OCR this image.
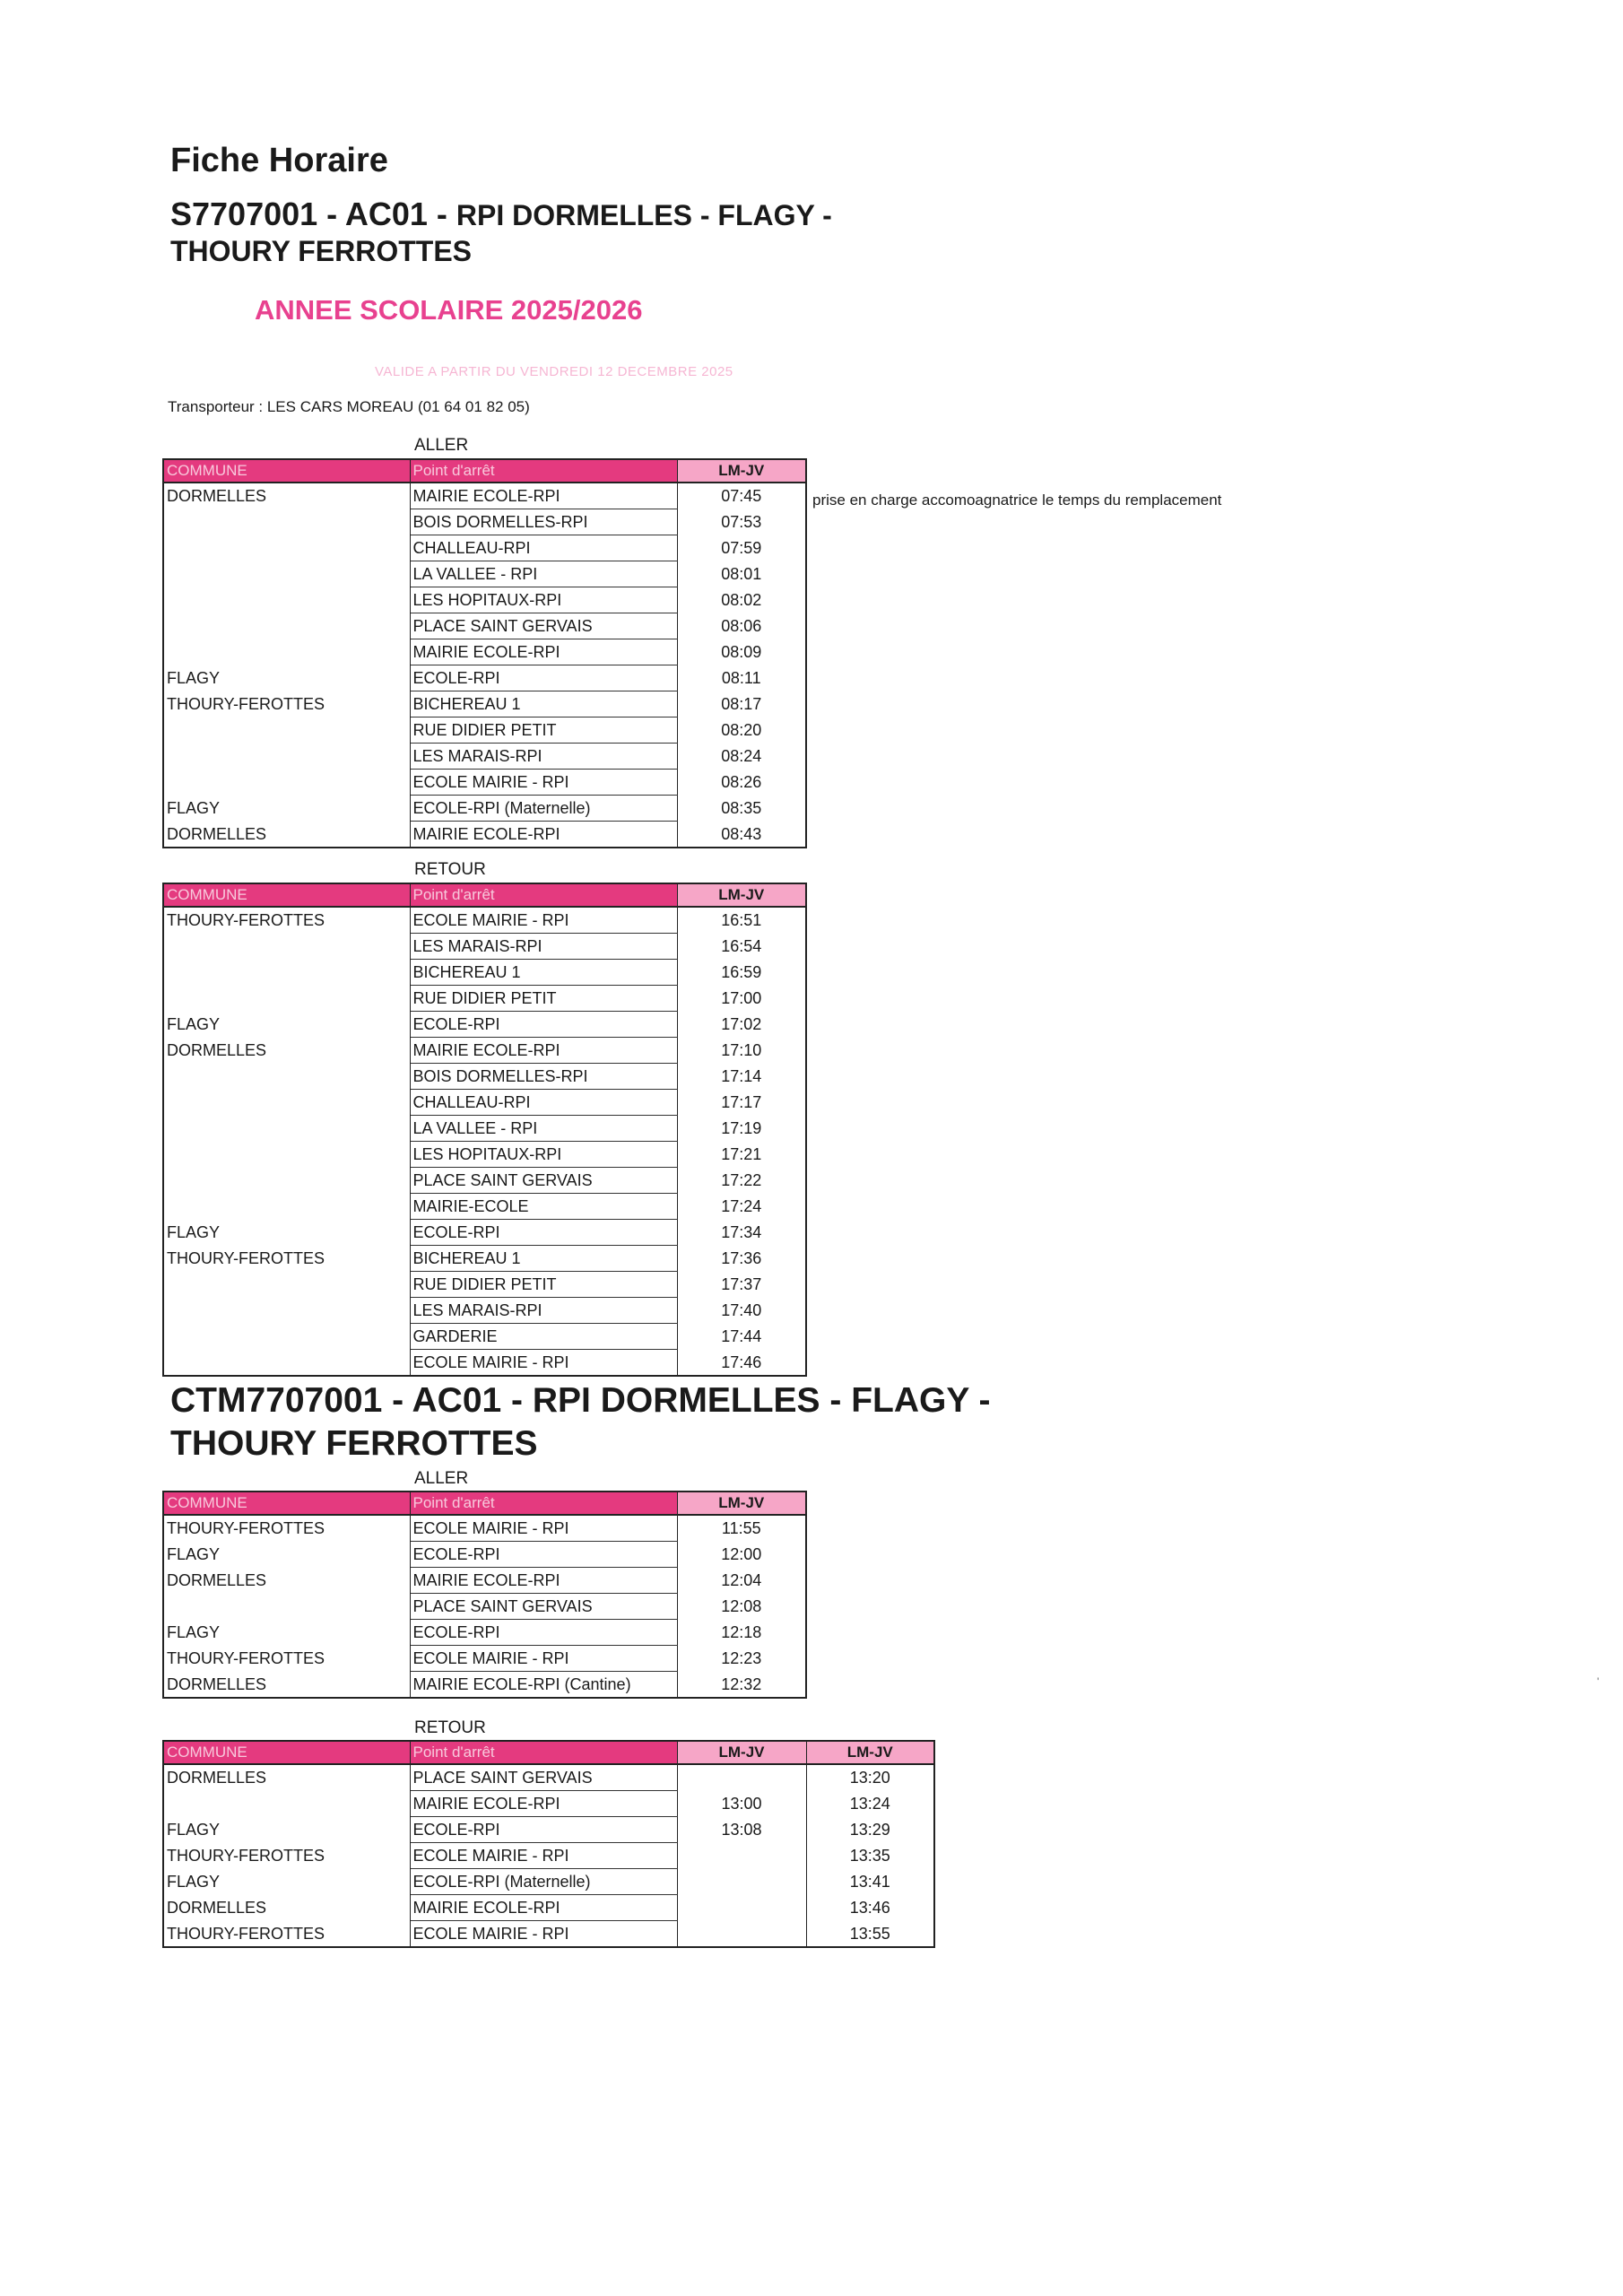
Fiche Horaire
S7707001 - AC01 - RPI DORMELLES - FLAGY -
THOURY FERROTTES
ANNEE SCOLAIRE 2025/2026
VALIDE A PARTIR DU VENDREDI 12 DECEMBRE 2025
Transporteur : LES CARS MOREAU (01 64 01 82 05)
ALLER
COMMUNE	Point d'arrêt	LM-JV
DORMELLES	MAIRIE ECOLE-RPI	07:45
	BOIS DORMELLES-RPI	07:53
	CHALLEAU-RPI	07:59
	LA VALLEE - RPI	08:01
	LES HOPITAUX-RPI	08:02
	PLACE SAINT GERVAIS	08:06
	MAIRIE ECOLE-RPI	08:09
FLAGY	ECOLE-RPI	08:11
THOURY-FEROTTES	BICHEREAU 1	08:17
	RUE DIDIER PETIT	08:20
	LES MARAIS-RPI	08:24
	ECOLE MAIRIE - RPI	08:26
FLAGY	ECOLE-RPI (Maternelle)	08:35
DORMELLES	MAIRIE ECOLE-RPI	08:43
prise en charge accomoagnatrice le temps du remplacement
RETOUR
COMMUNE	Point d'arrêt	LM-JV
THOURY-FEROTTES	ECOLE MAIRIE - RPI	16:51
	LES MARAIS-RPI	16:54
	BICHEREAU 1	16:59
	RUE DIDIER PETIT	17:00
FLAGY	ECOLE-RPI	17:02
DORMELLES	MAIRIE ECOLE-RPI	17:10
	BOIS DORMELLES-RPI	17:14
	CHALLEAU-RPI	17:17
	LA VALLEE - RPI	17:19
	LES HOPITAUX-RPI	17:21
	PLACE SAINT GERVAIS	17:22
	MAIRIE-ECOLE	17:24
FLAGY	ECOLE-RPI	17:34
THOURY-FEROTTES	BICHEREAU 1	17:36
	RUE DIDIER PETIT	17:37
	LES MARAIS-RPI	17:40
	GARDERIE	17:44
	ECOLE MAIRIE - RPI	17:46
CTM7707001 - AC01 - RPI DORMELLES - FLAGY -
THOURY FERROTTES
ALLER
COMMUNE	Point d'arrêt	LM-JV
THOURY-FEROTTES	ECOLE MAIRIE - RPI	11:55
FLAGY	ECOLE-RPI	12:00
DORMELLES	MAIRIE ECOLE-RPI	12:04
	PLACE SAINT GERVAIS	12:08
FLAGY	ECOLE-RPI	12:18
THOURY-FEROTTES	ECOLE MAIRIE - RPI	12:23
DORMELLES	MAIRIE ECOLE-RPI (Cantine)	12:32
RETOUR
COMMUNE	Point d'arrêt	LM-JV	LM-JV
DORMELLES	PLACE SAINT GERVAIS		13:20
	MAIRIE ECOLE-RPI	13:00	13:24
FLAGY	ECOLE-RPI	13:08	13:29
THOURY-FEROTTES	ECOLE MAIRIE - RPI		13:35
FLAGY	ECOLE-RPI (Maternelle)		13:41
DORMELLES	MAIRIE ECOLE-RPI		13:46
THOURY-FEROTTES	ECOLE MAIRIE - RPI		13:55
'
